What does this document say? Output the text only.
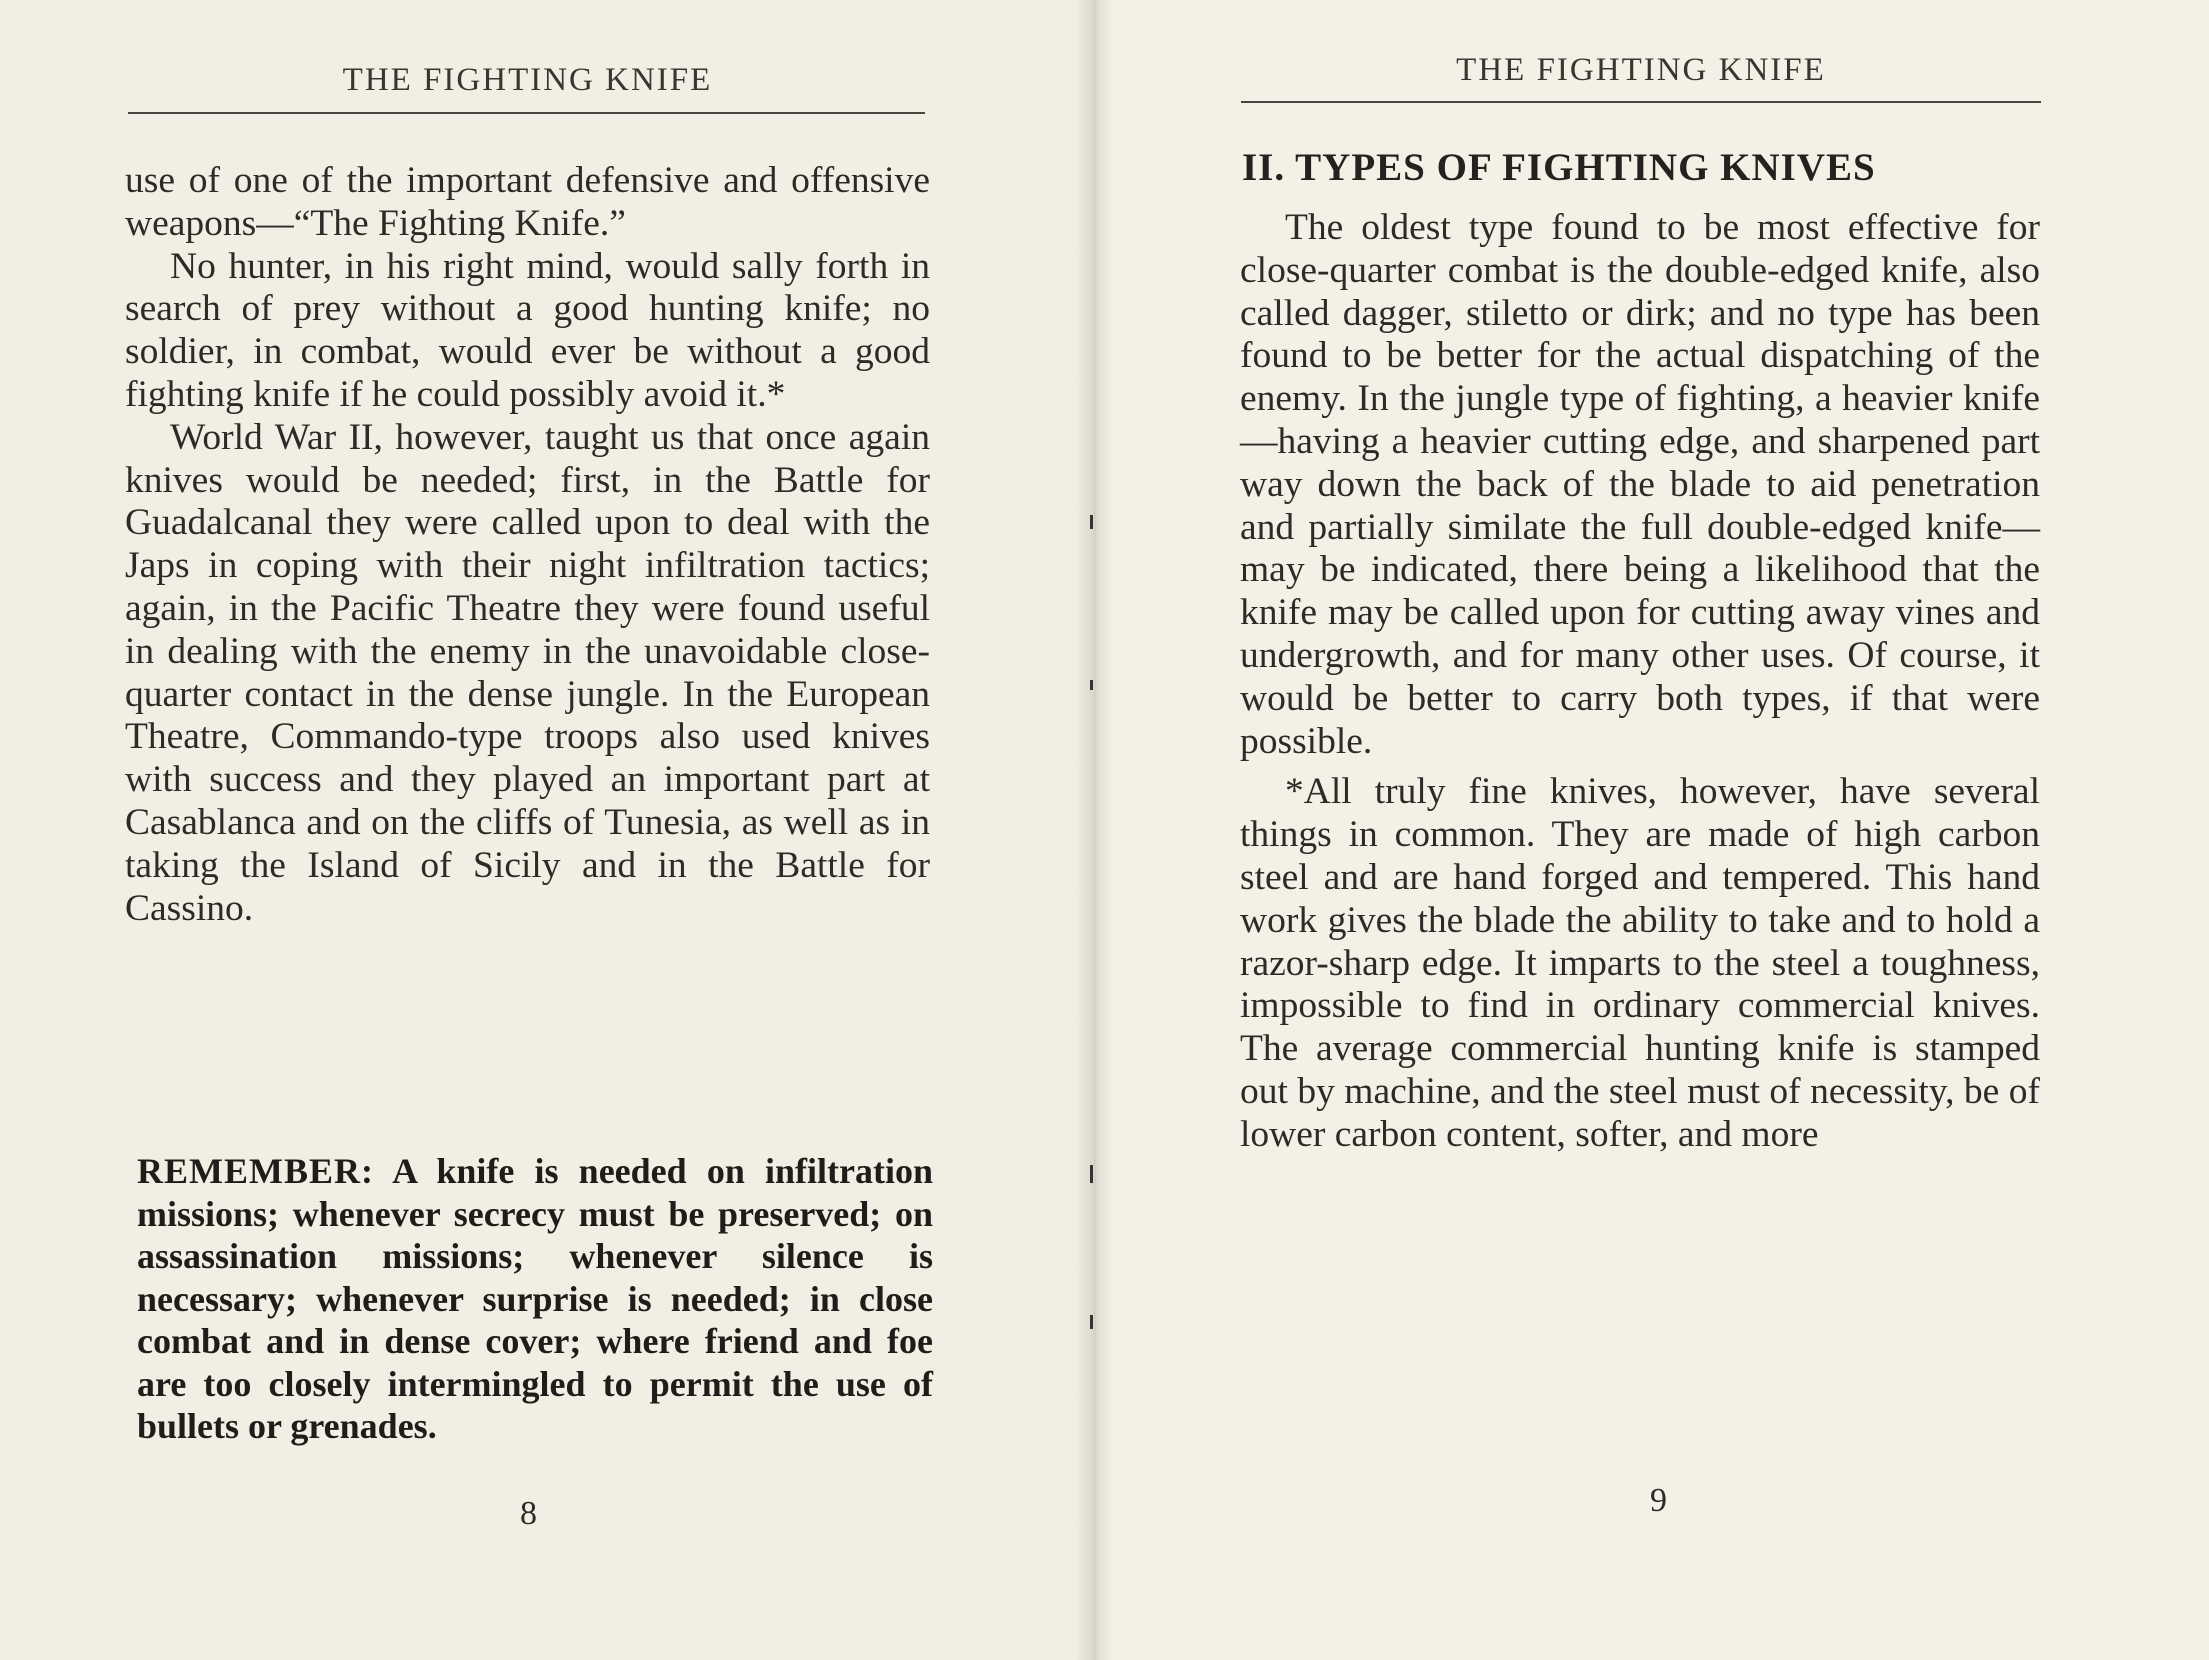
THE FIGHTING KNIFE

use of one of the important defensive and offensive weapons—“The Fighting Knife.”

No hunter, in his right mind, would sally forth in search of prey without a good hunting knife; no soldier, in combat, would ever be without a good fighting knife if he could possibly avoid it.*

World War II, however, taught us that once again knives would be needed; first, in the Battle for Guadalcanal they were called upon to deal with the Japs in coping with their night infiltration tactics; again, in the Pacific Theatre they were found useful in dealing with the enemy in the unavoidable close-quarter contact in the dense jungle. In the European Theatre, Commando-type troops also used knives with success and they played an important part at Casablanca and on the cliffs of Tunesia, as well as in taking the Island of Sicily and in the Battle for Cassino.

REMEMBER: A knife is needed on infiltration missions; whenever secrecy must be preserved; on assassination missions; whenever silence is necessary; whenever surprise is needed; in close combat and in dense cover; where friend and foe are too closely intermingled to permit the use of bullets or grenades.
8
THE FIGHTING KNIFE
II. TYPES OF FIGHTING KNIVES

The oldest type found to be most effective for close-quarter combat is the double-edged knife, also called dagger, stiletto or dirk; and no type has been found to be better for the actual dispatching of the enemy. In the jungle type of fighting, a heavier knife—having a heavier cutting edge, and sharpened part way down the back of the blade to aid penetration and partially similate the full double-edged knife—may be indicated, there being a likelihood that the knife may be called upon for cutting away vines and undergrowth, and for many other uses. Of course, it would be better to carry both types, if that were possible.

*All truly fine knives, however, have several things in common. They are made of high carbon steel and are hand forged and tempered. This hand work gives the blade the ability to take and to hold a razor-sharp edge. It imparts to the steel a toughness, impossible to find in ordinary commercial knives. The average commercial hunting knife is stamped out by machine, and the steel must of necessity, be of lower carbon content, softer, and more

9
